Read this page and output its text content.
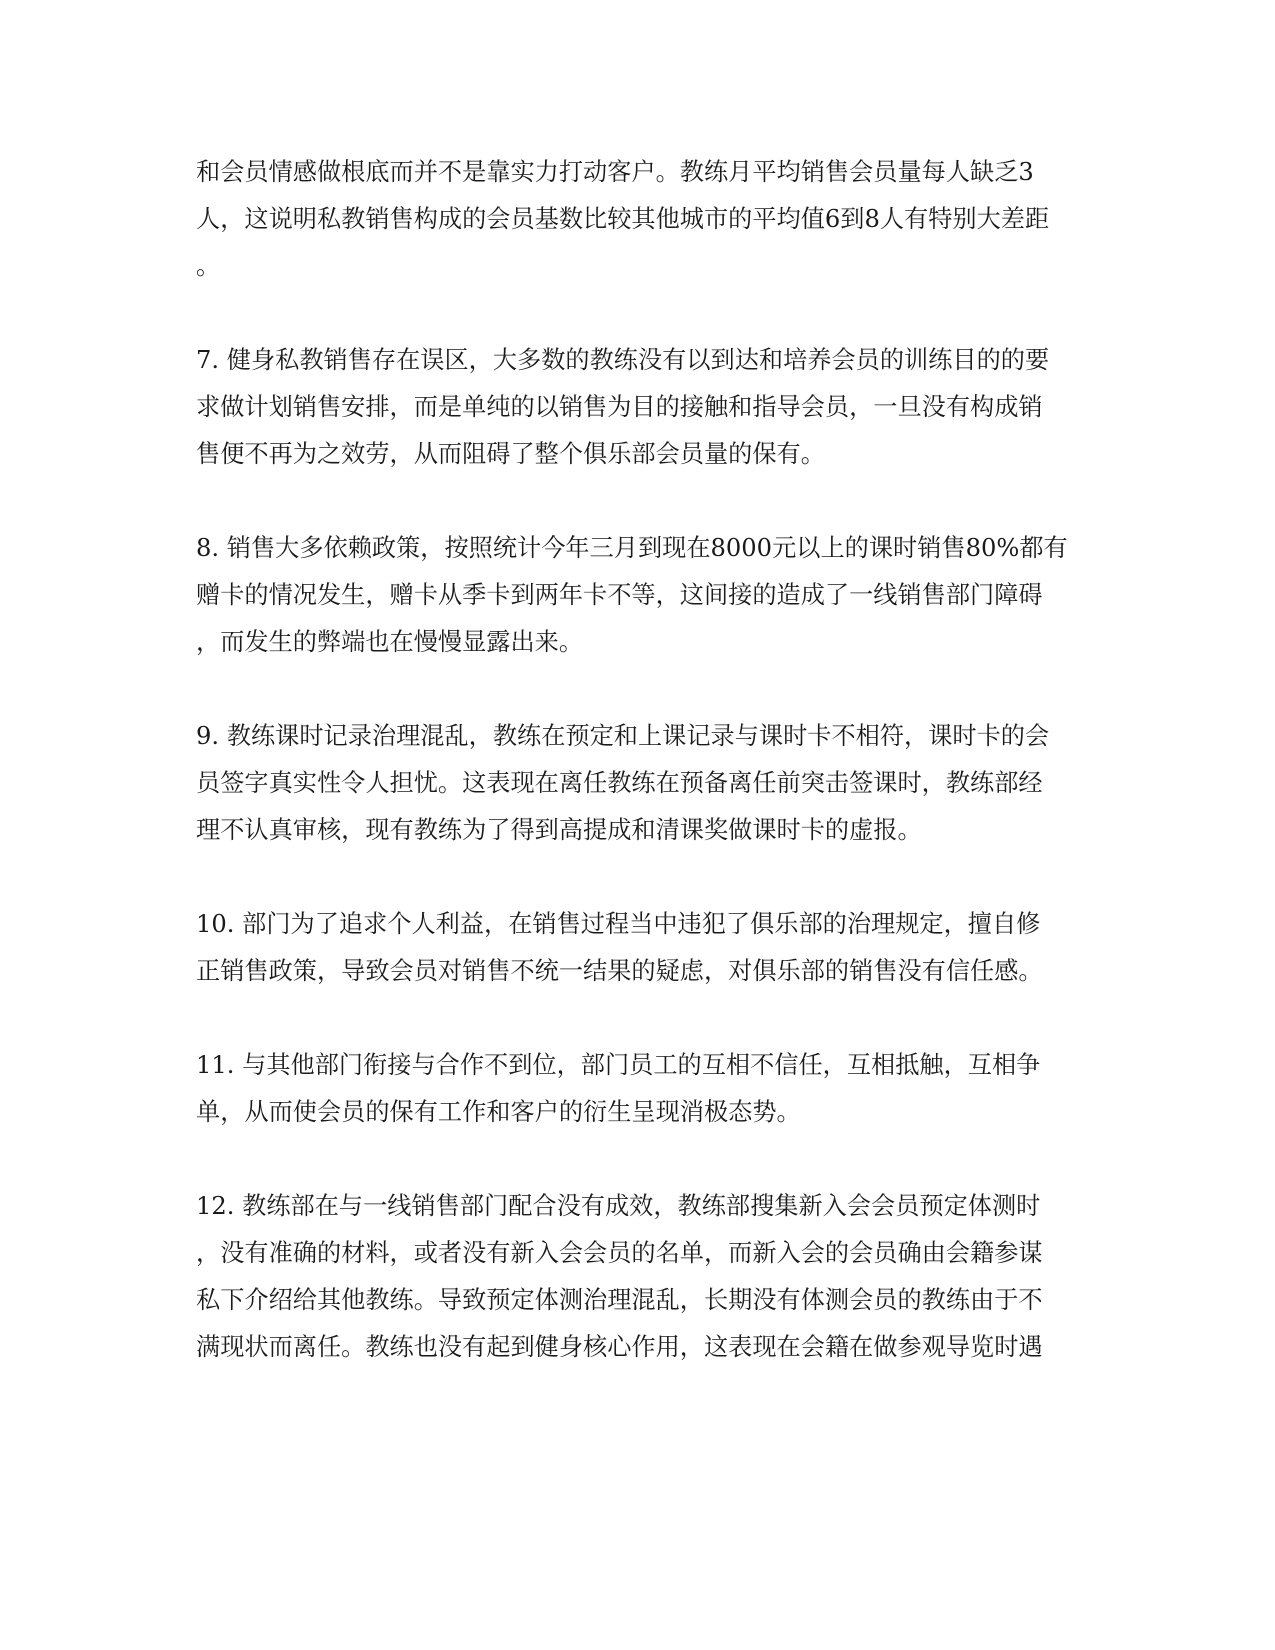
和会员情感做根底而并不是靠实力打动客户。教练月平均销售会员量每人缺乏3
人，这说明私教销售构成的会员基数比较其他城市的平均值6到8人有特别大差距
。
7. 健身私教销售存在误区，大多数的教练没有以到达和培养会员的训练目的的要
求做计划销售安排，而是单纯的以销售为目的接触和指导会员，一旦没有构成销
售便不再为之效劳，从而阻碍了整个俱乐部会员量的保有。
8. 销售大多依赖政策，按照统计今年三月到现在8000元以上的课时销售80%都有
赠卡的情况发生，赠卡从季卡到两年卡不等，这间接的造成了一线销售部门障碍
，而发生的弊端也在慢慢显露出来。
9. 教练课时记录治理混乱，教练在预定和上课记录与课时卡不相符，课时卡的会
员签字真实性令人担忧。这表现在离任教练在预备离任前突击签课时，教练部经
理不认真审核，现有教练为了得到高提成和清课奖做课时卡的虚报。
10. 部门为了追求个人利益，在销售过程当中违犯了俱乐部的治理规定，擅自修
正销售政策，导致会员对销售不统一结果的疑虑，对俱乐部的销售没有信任感。
11. 与其他部门衔接与合作不到位，部门员工的互相不信任，互相抵触，互相争
单，从而使会员的保有工作和客户的衍生呈现消极态势。
12. 教练部在与一线销售部门配合没有成效，教练部搜集新入会会员预定体测时
，没有准确的材料，或者没有新入会会员的名单，而新入会的会员确由会籍参谋
私下介绍给其他教练。导致预定体测治理混乱，长期没有体测会员的教练由于不
满现状而离任。教练也没有起到健身核心作用，这表现在会籍在做参观导览时遇
